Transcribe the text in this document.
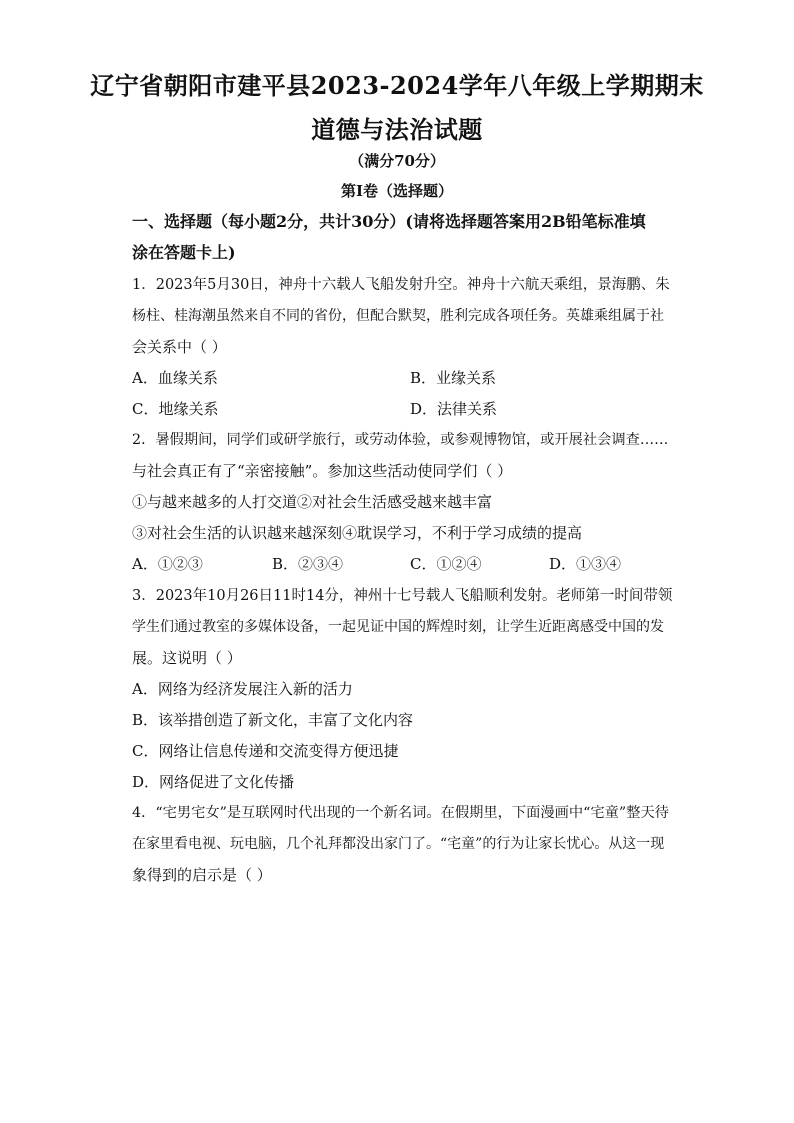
辽宁省朝阳市建平县2023-2024学年八年级上学期期末
道德与法治试题
（满分70分）
第Ⅰ卷（选择题）
一、选择题（每小题2分，共计30分）(请将选择题答案用2B铅笔标准填
涂在答题卡上)
1．2023年5月30日，神舟十六载人飞船发射升空。神舟十六航天乘组，景海鹏、朱
杨柱、桂海潮虽然来自不同的省份，但配合默契，胜利完成各项任务。英雄乘组属于社
会关系中（ ）
A．血缘关系	B．业缘关系
C．地缘关系	D．法律关系
2．暑假期间，同学们或研学旅行，或劳动体验，或参观博物馆，或开展社会调查……
与社会真正有了“亲密接触”。参加这些活动使同学们（ ）
①与越来越多的人打交道②对社会生活感受越来越丰富
③对社会生活的认识越来越深刻④耽误学习，不利于学习成绩的提高
A．①②③	B．②③④	C．①②④	D．①③④
3．2023年10月26日11时14分，神州十七号载人飞船顺利发射。老师第一时间带领
学生们通过教室的多媒体设备，一起见证中国的辉煌时刻，让学生近距离感受中国的发
展。这说明（ ）
A．网络为经济发展注入新的活力
B．该举措创造了新文化，丰富了文化内容
C．网络让信息传递和交流变得方便迅捷
D．网络促进了文化传播
4．“宅男宅女”是互联网时代出现的一个新名词。在假期里，下面漫画中“宅童”整天待
在家里看电视、玩电脑，几个礼拜都没出家门了。“宅童”的行为让家长忧心。从这一现
象得到的启示是（ ）
